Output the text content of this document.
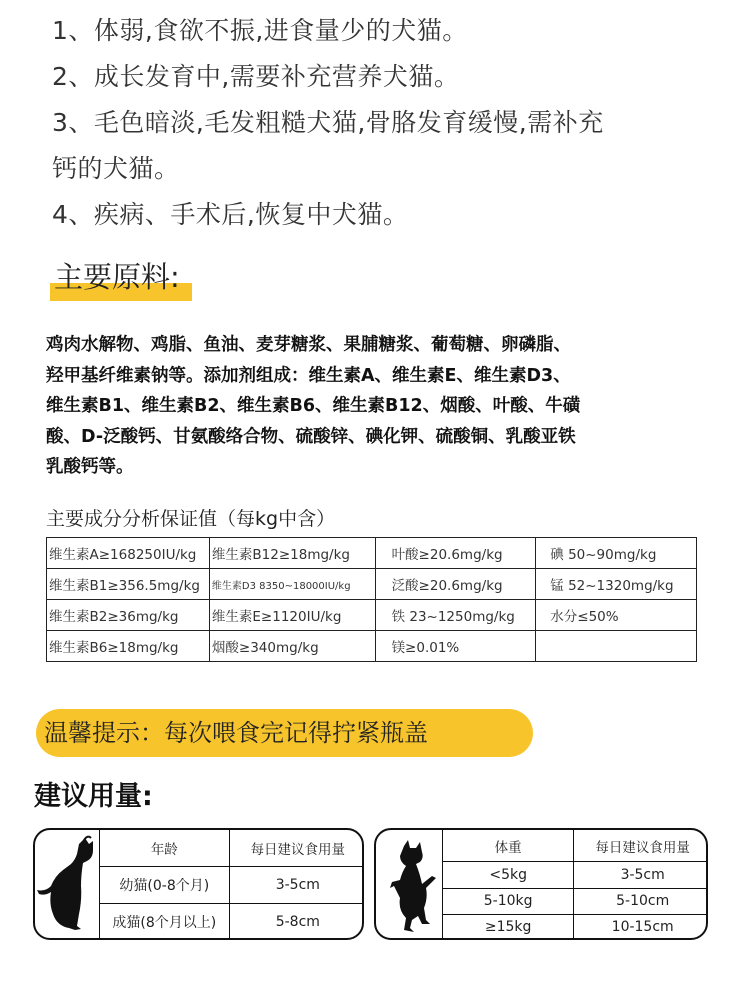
1、体弱,食欲不振,进食量少的犬猫。
2、成长发育中,需要补充营养犬猫。
3、毛色暗淡,毛发粗糙犬猫,骨胳发育缓慢,需补充
钙的犬猫。
4、疾病、手术后,恢复中犬猫。
主要原料:
鸡肉水解物、鸡脂、鱼油、麦芽糖浆、果脯糖浆、葡萄糖、卵磷脂、
羟甲基纤维素钠等。添加剂组成：维生素A、维生素E、维生素D3、
维生素B1、维生素B2、维生素B6、维生素B12、烟酸、叶酸、牛磺
酸、D-泛酸钙、甘氨酸络合物、硫酸锌、碘化钾、硫酸铜、乳酸亚铁
乳酸钙等。
主要成分分析保证值（每kg中含）
维生素A≥168250IU/kg	维生素B12≥18mg/kg	叶酸≥20.6mg/kg	碘 50~90mg/kg
维生素B1≥356.5mg/kg	维生素D3 8350~18000IU/kg	泛酸≥20.6mg/kg	锰 52~1320mg/kg
维生素B2≥36mg/kg	维生素E≥1120IU/kg	铁 23~1250mg/kg	水分≤50%
维生素B6≥18mg/kg	烟酸≥340mg/kg	镁≥0.01%	
温馨提示：每次喂食完记得拧紧瓶盖
建议用量:
年龄	每日建议食用量
幼猫(0-8个月)	3-5cm
成猫(8个月以上)	5-8cm
体重	每日建议食用量
<5kg	3-5cm
5-10kg	5-10cm
≥15kg	10-15cm
